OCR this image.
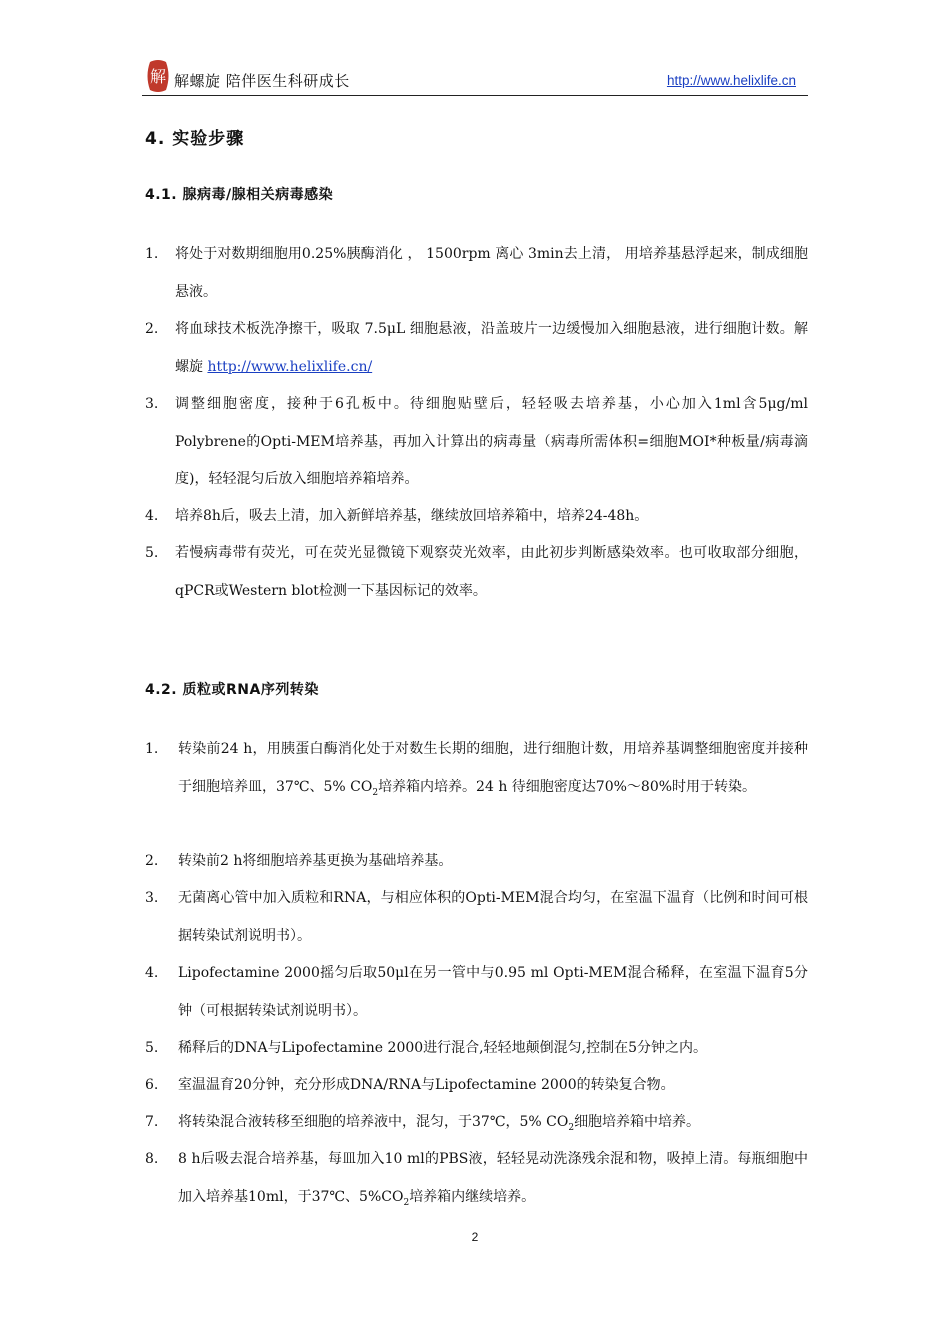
解 解螺旋 陪伴医生科研成长	http://www.helixlife.cn
4. 实验步骤
4.1. 腺病毒/腺相关病毒感染
1. 将处于对数期细胞用0.25%胰酶消化 ， 1500rpm 离心 3min去上清， 用培养基悬浮起来，制成细胞悬液。
2. 将血球技术板洗净擦干，吸取 7.5μL 细胞悬液，沿盖玻片一边缓慢加入细胞悬液，进行细胞计数。解螺旋 http://www.helixlife.cn/
3. 调整细胞密度，接种于6孔板中。待细胞贴壁后，轻轻吸去培养基，小心加入1ml含5μg/ml Polybrene的Opti-MEM培养基，再加入计算出的病毒量（病毒所需体积=细胞MOI*种板量/病毒滴度)，轻轻混匀后放入细胞培养箱培养。
4. 培养8h后，吸去上清，加入新鲜培养基，继续放回培养箱中，培养24-48h。
5. 若慢病毒带有荧光，可在荧光显微镜下观察荧光效率，由此初步判断感染效率。也可收取部分细胞，qPCR或Western blot检测一下基因标记的效率。
4.2. 质粒或RNA序列转染
1. 转染前24 h，用胰蛋白酶消化处于对数生长期的细胞，进行细胞计数，用培养基调整细胞密度并接种于细胞培养皿，37℃、5% $CO_2$培养箱内培养。24 h 待细胞密度达70%～80%时用于转染。
2. 转染前2 h将细胞培养基更换为基础培养基。
3. 无菌离心管中加入质粒和RNA，与相应体积的Opti-MEM混合均匀，在室温下温育（比例和时间可根据转染试剂说明书）。
4. Lipofectamine 2000摇匀后取50μl在另一管中与0.95 ml Opti-MEM混合稀释，在室温下温育5分钟（可根据转染试剂说明书）。
5. 稀释后的DNA与Lipofectamine 2000进行混合,轻轻地颠倒混匀,控制在5分钟之内。
6. 室温温育20分钟，充分形成DNA/RNA与Lipofectamine 2000的转染复合物。
7. 将转染混合液转移至细胞的培养液中，混匀，于37℃，5% $CO_2$细胞培养箱中培养。
8. 8 h后吸去混合培养基，每皿加入10 ml的PBS液，轻轻晃动洗涤残余混和物，吸掉上清。每瓶细胞中加入培养基10ml，于37℃、$5\%CO_2$培养箱内继续培养。
2
